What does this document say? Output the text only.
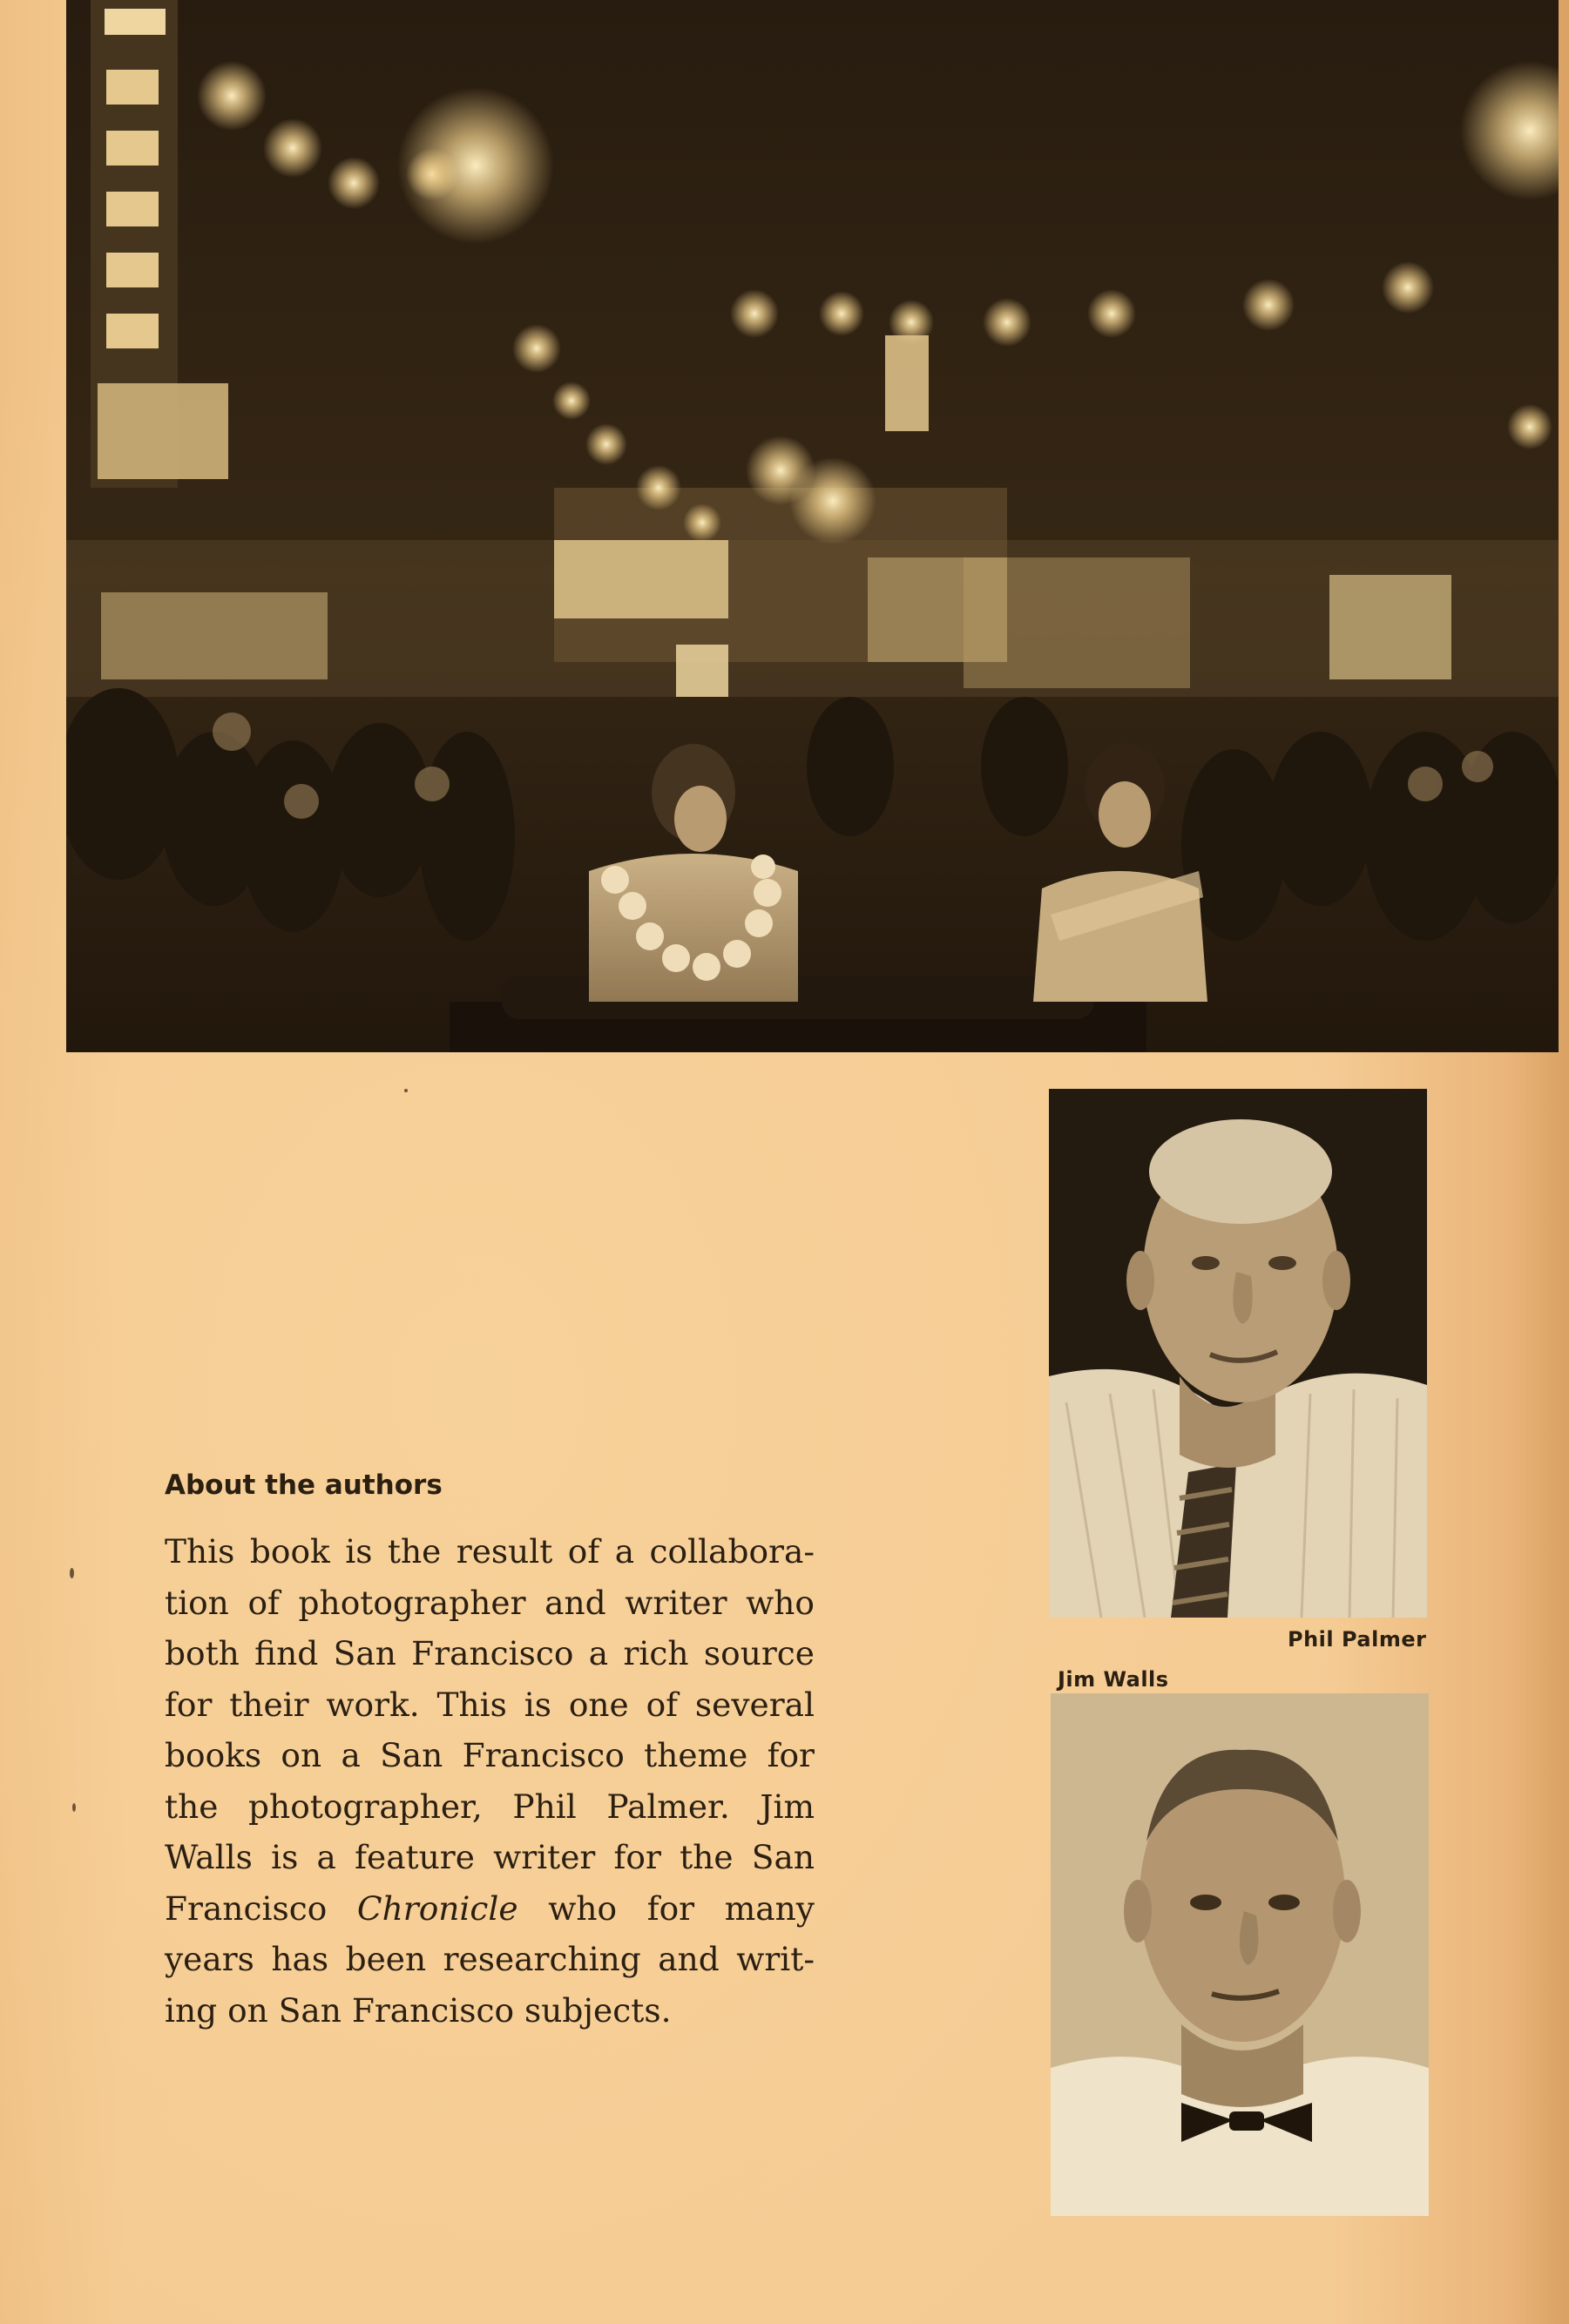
Phil Palmer
Jim Walls
About the authors
This book is the result of a collabora-
tion of photographer and writer who
both find San Francisco a rich source
for their work. This is one of several
books on a San Francisco theme for
the photographer, Phil Palmer. Jim
Walls is a feature writer for the San
Francisco Chronicle who for many
years has been researching and writ-
ing on San Francisco subjects.
